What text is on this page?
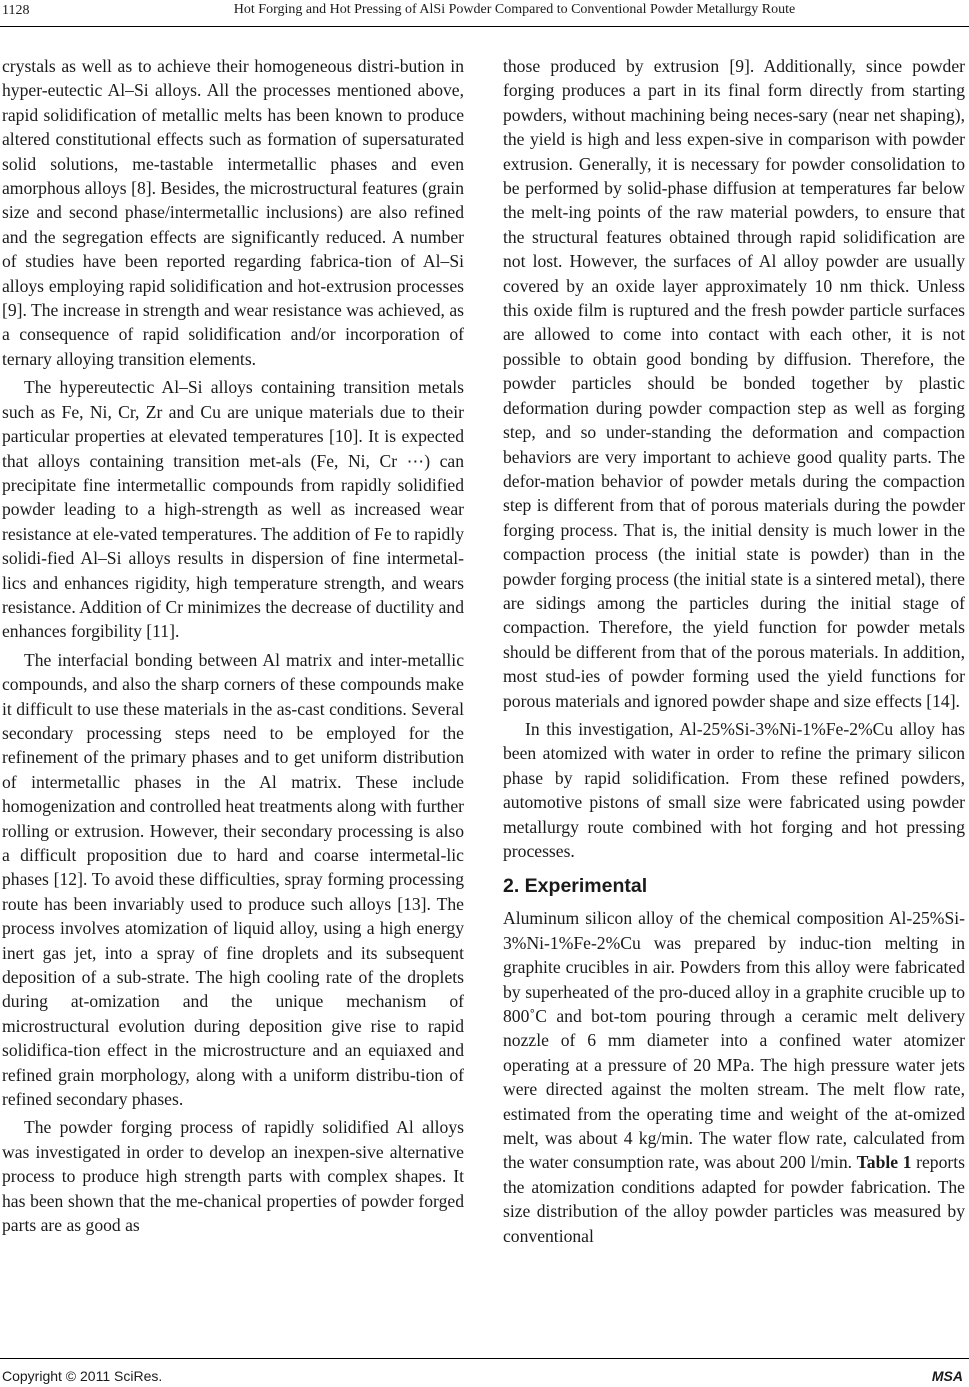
1128	Hot Forging and Hot Pressing of AlSi Powder Compared to Conventional Powder Metallurgy Route

crystals as well as to achieve their homogeneous distri-bution in hyper-eutectic Al–Si alloys. All the processes mentioned above, rapid solidification of metallic melts has been known to produce altered constitutional effects such as formation of supersaturated solid solutions, me-tastable intermetallic phases and even amorphous alloys [8]. Besides, the microstructural features (grain size and second phase/intermetallic inclusions) are also refined and the segregation effects are significantly reduced. A number of studies have been reported regarding fabrica-tion of Al–Si alloys employing rapid solidification and hot-extrusion processes [9]. The increase in strength and wear resistance was achieved, as a consequence of rapid solidification and/or incorporation of ternary alloying transition elements.

The hypereutectic Al–Si alloys containing transition metals such as Fe, Ni, Cr, Zr and Cu are unique materials due to their particular properties at elevated temperatures [10]. It is expected that alloys containing transition met-als (Fe, Ni, Cr ⋯) can precipitate fine intermetallic compounds from rapidly solidified powder leading to a high-strength as well as increased wear resistance at ele-vated temperatures. The addition of Fe to rapidly solidi-fied Al–Si alloys results in dispersion of fine intermetal-lics and enhances rigidity, high temperature strength, and wears resistance. Addition of Cr minimizes the decrease of ductility and enhances forgibility [11].

The interfacial bonding between Al matrix and inter-metallic compounds, and also the sharp corners of these compounds make it difficult to use these materials in the as-cast conditions. Several secondary processing steps need to be employed for the refinement of the primary phases and to get uniform distribution of intermetallic phases in the Al matrix. These include homogenization and controlled heat treatments along with further rolling or extrusion. However, their secondary processing is also a difficult proposition due to hard and coarse intermetal-lic phases [12]. To avoid these difficulties, spray forming processing route has been invariably used to produce such alloys [13]. The process involves atomization of liquid alloy, using a high energy inert gas jet, into a spray of fine droplets and its subsequent deposition of a sub-strate. The high cooling rate of the droplets during at-omization and the unique mechanism of microstructural evolution during deposition give rise to rapid solidifica-tion effect in the microstructure and an equiaxed and refined grain morphology, along with a uniform distribu-tion of refined secondary phases.

The powder forging process of rapidly solidified Al alloys was investigated in order to develop an inexpen-sive alternative process to produce high strength parts with complex shapes. It has been shown that the me-chanical properties of powder forged parts are as good as

those produced by extrusion [9]. Additionally, since powder forging produces a part in its final form directly from starting powders, without machining being neces-sary (near net shaping), the yield is high and less expen-sive in comparison with powder extrusion. Generally, it is necessary for powder consolidation to be performed by solid-phase diffusion at temperatures far below the melt-ing points of the raw material powders, to ensure that the structural features obtained through rapid solidification are not lost. However, the surfaces of Al alloy powder are usually covered by an oxide layer approximately 10 nm thick. Unless this oxide film is ruptured and the fresh powder particle surfaces are allowed to come into contact with each other, it is not possible to obtain good bonding by diffusion. Therefore, the powder particles should be bonded together by plastic deformation during powder compaction step as well as forging step, and so under-standing the deformation and compaction behaviors are very important to achieve good quality parts. The defor-mation behavior of powder metals during the compaction step is different from that of porous materials during the powder forging process. That is, the initial density is much lower in the compaction process (the initial state is powder) than in the powder forging process (the initial state is a sintered metal), there are sidings among the particles during the initial stage of compaction. Therefore, the yield function for powder metals should be different from that of the porous materials. In addition, most stud-ies of powder forming used the yield functions for porous materials and ignored powder shape and size effects [14].

In this investigation, Al-25%Si-3%Ni-1%Fe-2%Cu alloy has been atomized with water in order to refine the primary silicon phase by rapid solidification. From these refined powders, automotive pistons of small size were fabricated using powder metallurgy route combined with hot forging and hot pressing processes.

2. Experimental

Aluminum silicon alloy of the chemical composition Al-25%Si-3%Ni-1%Fe-2%Cu was prepared by induc-tion melting in graphite crucibles in air. Powders from this alloy were fabricated by superheated of the pro-duced alloy in a graphite crucible up to 800˚C and bot-tom pouring through a ceramic melt delivery nozzle of 6 mm diameter into a confined water atomizer operating at a pressure of 20 MPa. The high pressure water jets were directed against the molten stream. The melt flow rate, estimated from the operating time and weight of the at-omized melt, was about 4 kg/min. The water flow rate, calculated from the water consumption rate, was about 200 l/min. Table 1 reports the atomization conditions adapted for powder fabrication. The size distribution of the alloy powder particles was measured by conventional

Copyright © 2011 SciRes.	MSA
